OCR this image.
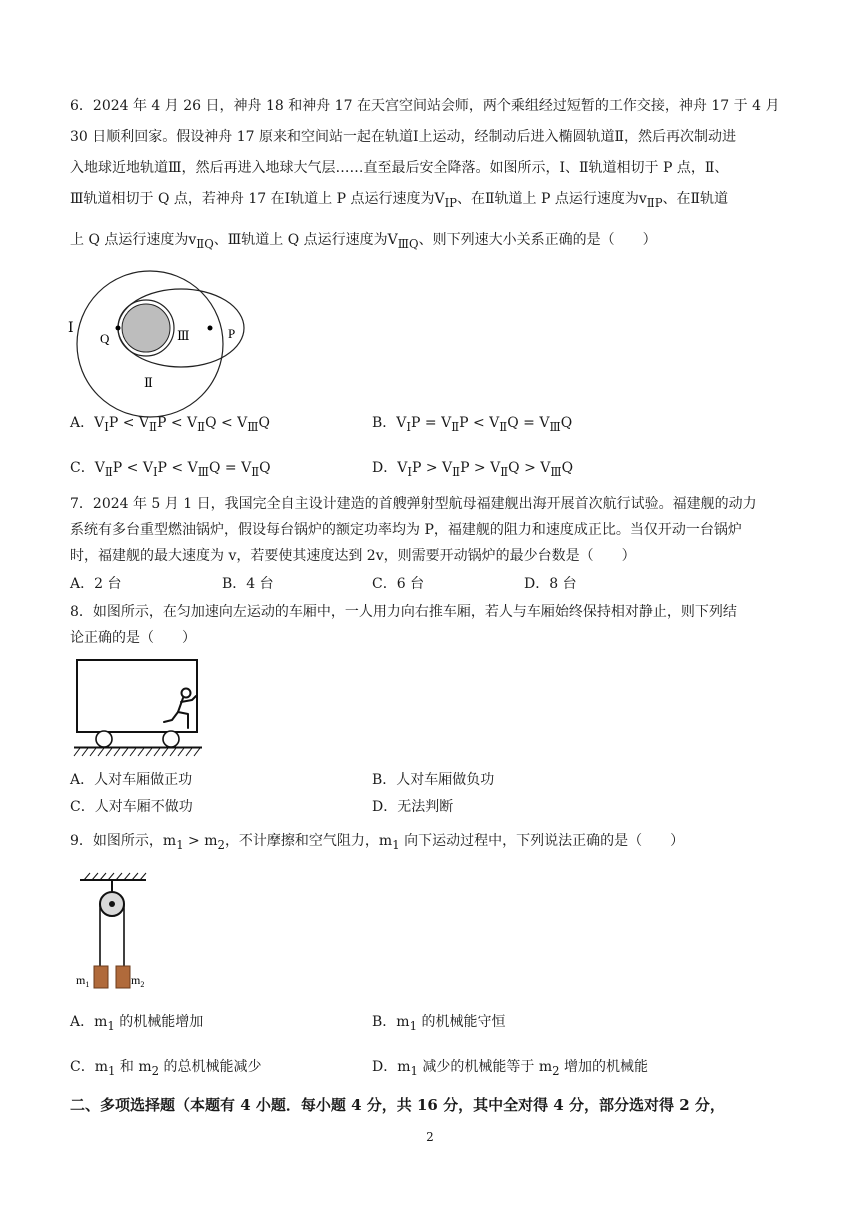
6．2024 年 4 月 26 日，神舟 18 和神舟 17 在天宫空间站会师，两个乘组经过短暂的工作交接，神舟 17 于 4 月
30 日顺利回家。假设神舟 17 原来和空间站一起在轨道Ⅰ上运动，经制动后进入椭圆轨道Ⅱ，然后再次制动进
入地球近地轨道Ⅲ，然后再进入地球大气层……直至最后安全降落。如图所示，Ⅰ、Ⅱ轨道相切于 P 点，Ⅱ、
Ⅲ轨道相切于 Q 点，若神舟 17 在Ⅰ轨道上 P 点运行速度为$V_{ⅠP}$、在Ⅱ轨道上 P 点运行速度为$v_{ⅡP}$、在Ⅱ轨道
上 Q 点运行速度为$v_{ⅡQ}$、Ⅲ轨道上 Q 点运行速度为$V_{ⅢQ}$、则下列速大小关系正确的是（　　）
Ⅰ
Q	Ⅲ	P
Ⅱ
A．$V_ⅠP < V_ⅡP < V_ⅡQ < V_ⅢQ$	B．$V_ⅠP = V_ⅡP < V_ⅡQ = V_ⅢQ$
C．$V_ⅡP < V_ⅠP < V_ⅢQ = V_ⅡQ$	D．$V_ⅠP > V_ⅡP > V_ⅡQ > V_ⅢQ$
7．2024 年 5 月 1 日，我国完全自主设计建造的首艘弹射型航母福建舰出海开展首次航行试验。福建舰的动力
系统有多台重型燃油锅炉，假设每台锅炉的额定功率均为 P，福建舰的阻力和速度成正比。当仅开动一台锅炉
时，福建舰的最大速度为 v，若要使其速度达到 2v，则需要开动锅炉的最少台数是（　　）
A．2 台	B．4 台	C．6 台	D．8 台
8．如图所示，在匀加速向左运动的车厢中，一人用力向右推车厢，若人与车厢始终保持相对静止，则下列结
论正确的是（　　）
A．人对车厢做正功	B．人对车厢做负功
C．人对车厢不做功	D．无法判断
9．如图所示，$m_1 > m_2$，不计摩擦和空气阻力，$m_1$ 向下运动过程中，下列说法正确的是（　　）
$m_1$	$m_2$
A．$m_1$ 的机械能增加	B．$m_1$ 的机械能守恒
C．$m_1$ 和 $m_2$ 的总机械能减少	D．$m_1$ 减少的机械能等于 $m_2$ 增加的机械能
二、多项选择题（本题有 4 小题．每小题 4 分，共 16 分，其中全对得 4 分，部分选对得 2 分，
2
